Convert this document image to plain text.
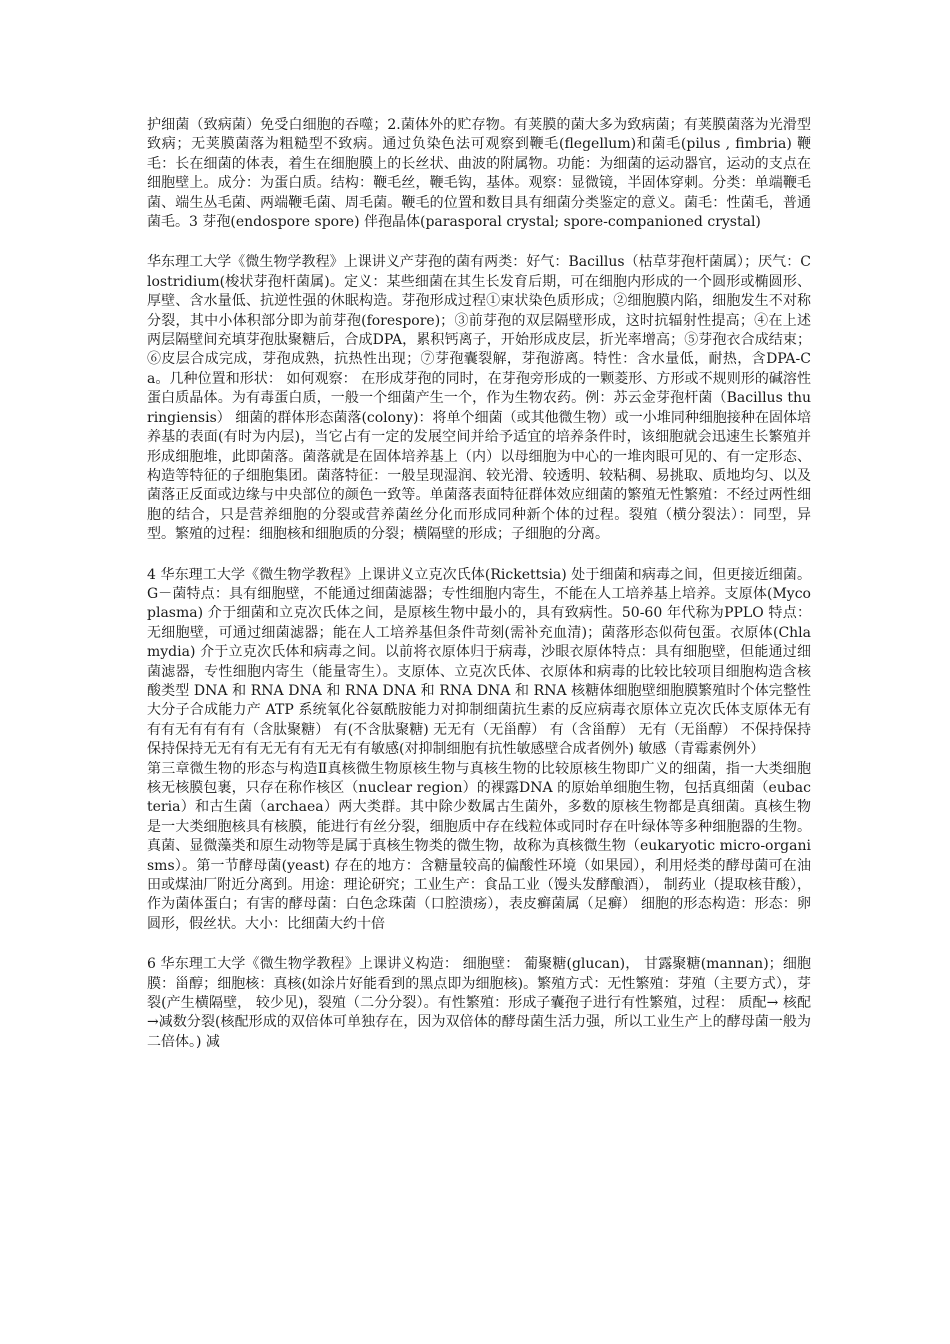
护细菌（致病菌）免受白细胞的吞噬；2.菌体外的贮存物。有荚膜的菌大多为致病菌；有荚膜菌落为光滑型致病；无荚膜菌落为粗糙型不致病。通过负染色法可观察到鞭毛(flegellum)和菌毛(pilus , fimbria) 鞭毛：长在细菌的体表，着生在细胞膜上的长丝状、曲波的附属物。功能：为细菌的运动器官，运动的支点在细胞壁上。成分：为蛋白质。结构：鞭毛丝，鞭毛钩，基体。观察：显微镜，半固体穿刺。分类：单端鞭毛菌、端生丛毛菌、两端鞭毛菌、周毛菌。鞭毛的位置和数目具有细菌分类鉴定的意义。菌毛：性菌毛，普通菌毛。3 芽孢(endospore spore) 伴孢晶体(parasporal crystal; spore-companioned crystal)

华东理工大学《微生物学教程》上课讲义产芽孢的菌有两类：好气：Bacillus（枯草芽孢杆菌属）；厌气：Clostridium(梭状芽孢杆菌属)。定义：某些细菌在其生长发育后期，可在细胞内形成的一个圆形或椭圆形、厚壁、含水量低、抗逆性强的休眠构造。芽孢形成过程①束状染色质形成；②细胞膜内陷，细胞发生不对称分裂，其中小体积部分即为前芽孢(forespore)；③前芽孢的双层隔壁形成，这时抗辐射性提高；④在上述两层隔壁间充填芽孢肽聚糖后，合成DPA，累积钙离子，开始形成皮层，折光率增高；⑤芽孢衣合成结束；⑥皮层合成完成，芽孢成熟，抗热性出现；⑦芽孢囊裂解，芽孢游离。特性：含水量低，耐热，含DPA-Ca。几种位置和形状： 如何观察： 在形成芽孢的同时，在芽孢旁形成的一颗菱形、方形或不规则形的碱溶性蛋白质晶体。为有毒蛋白质，一般一个细菌产生一个，作为生物农药。例：苏云金芽孢杆菌（Bacillus thuringiensis） 细菌的群体形态菌落(colony)：将单个细菌（或其他微生物）或一小堆同种细胞接种在固体培养基的表面(有时为内层)，当它占有一定的发展空间并给予适宜的培养条件时，该细胞就会迅速生长繁殖并形成细胞堆，此即菌落。菌落就是在固体培养基上（内）以母细胞为中心的一堆肉眼可见的、有一定形态、构造等特征的子细胞集团。菌落特征：一般呈现湿润、较光滑、较透明、较粘稠、易挑取、质地均匀、以及菌落正反面或边缘与中央部位的颜色一致等。单菌落表面特征群体效应细菌的繁殖无性繁殖：不经过两性细胞的结合，只是营养细胞的分裂或营养菌丝分化而形成同种新个体的过程。裂殖（横分裂法）：同型，异型。繁殖的过程：细胞核和细胞质的分裂；横隔壁的形成；子细胞的分离。

4 华东理工大学《微生物学教程》上课讲义立克次氏体(Rickettsia) 处于细菌和病毒之间，但更接近细菌。G－菌特点：具有细胞壁，不能通过细菌滤器；专性细胞内寄生，不能在人工培养基上培养。支原体(Mycoplasma) 介于细菌和立克次氏体之间，是原核生物中最小的，具有致病性。50-60 年代称为PPLO 特点：无细胞壁，可通过细菌滤器；能在人工培养基但条件苛刻(需补充血清)；菌落形态似荷包蛋。衣原体(Chlamydia) 介于立克次氏体和病毒之间。以前将衣原体归于病毒，沙眼衣原体特点：具有细胞壁，但能通过细菌滤器，专性细胞内寄生（能量寄生）。支原体、立克次氏体、衣原体和病毒的比较比较项目细胞构造含核酸类型 DNA 和 RNA DNA 和 RNA DNA 和 RNA DNA 和 RNA 核糖体细胞壁细胞膜繁殖时个体完整性大分子合成能力产 ATP 系统氧化谷氨酰胺能力对抑制细菌抗生素的反应病毒衣原体立克次氏体支原体无有有有无有有有有（含肽聚糖） 有(不含肽聚糖) 无无有（无甾醇） 有（含甾醇） 无有（无甾醇） 不保持保持保持保持无无有有无无有有无无有有敏感(对抑制细胞有抗性敏感壁合成者例外) 敏感（青霉素例外）

第三章微生物的形态与构造Ⅱ真核微生物原核生物与真核生物的比较原核生物即广义的细菌，指一大类细胞核无核膜包裹，只存在称作核区（nuclear region）的裸露DNA 的原始单细胞生物，包括真细菌（eubacteria）和古生菌（archaea）两大类群。其中除少数属古生菌外，多数的原核生物都是真细菌。真核生物是一大类细胞核具有核膜，能进行有丝分裂，细胞质中存在线粒体或同时存在叶绿体等多种细胞器的生物。真菌、显微藻类和原生动物等是属于真核生物类的微生物，故称为真核微生物（eukaryotic micro-organisms）。第一节酵母菌(yeast) 存在的地方：含糖量较高的偏酸性环境（如果园），利用烃类的酵母菌可在油田或煤油厂附近分离到。用途：理论研究；工业生产：食品工业（馒头发酵酿酒）， 制药业（提取核苷酸），作为菌体蛋白；有害的酵母菌：白色念珠菌（口腔溃疡），表皮癣菌属（足癣） 细胞的形态构造：形态：卵圆形，假丝状。大小：比细菌大约十倍

6 华东理工大学《微生物学教程》上课讲义构造： 细胞壁： 葡聚糖(glucan)， 甘露聚糖(mannan)；细胞膜：甾醇；细胞核：真核(如涂片好能看到的黑点即为细胞核)。繁殖方式：无性繁殖：芽殖（主要方式），芽裂(产生横隔壁， 较少见)，裂殖（二分分裂）。有性繁殖：形成子囊孢子进行有性繁殖，过程： 质配→ 核配→减数分裂(核配形成的双倍体可单独存在，因为双倍体的酵母菌生活力强，所以工业生产上的酵母菌一般为二倍体。) 减
